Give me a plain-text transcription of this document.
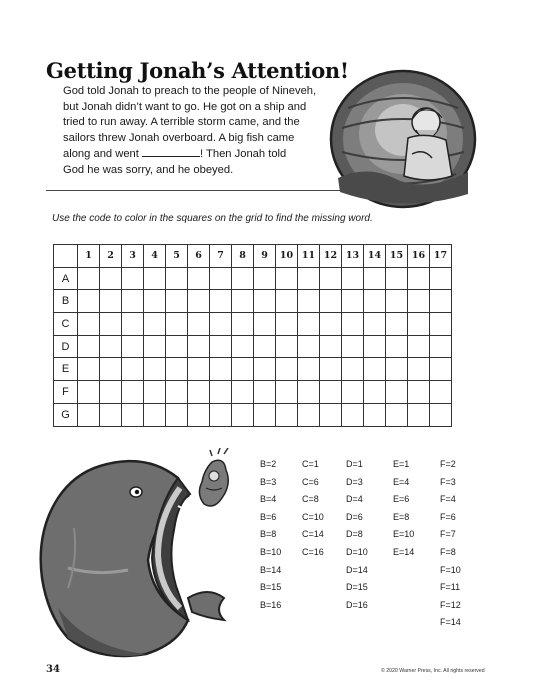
Getting Jonah’s Attention!
God told Jonah to preach to the people of Nineveh,
but Jonah didn’t want to go. He got on a ship and
tried to run away. A terrible storm came, and the
sailors threw Jonah overboard. A big fish came
along and went	! Then Jonah told
God he was sorry, and he obeyed.
Use the code to color in the squares on the grid to find the missing word.
	1	2	3	4	5	6	7	8	9	10	11	12	13	14	15	16	17
A																	
B																	
C																	
D																	
E																	
F																	
G																	
B=2
B=3
B=4
B=6
B=8
B=10
B=14
B=15
B=16
C=1
C=6
C=8
C=10
C=14
C=16
D=1
D=3
D=4
D=6
D=8
D=10
D=14
D=15
D=16
E=1
E=4
E=6
E=8
E=10
E=14
F=2
F=3
F=4
F=6
F=7
F=8
F=10
F=11
F=12
F=14
34	© 2020 Warner Press, Inc. All rights reserved
